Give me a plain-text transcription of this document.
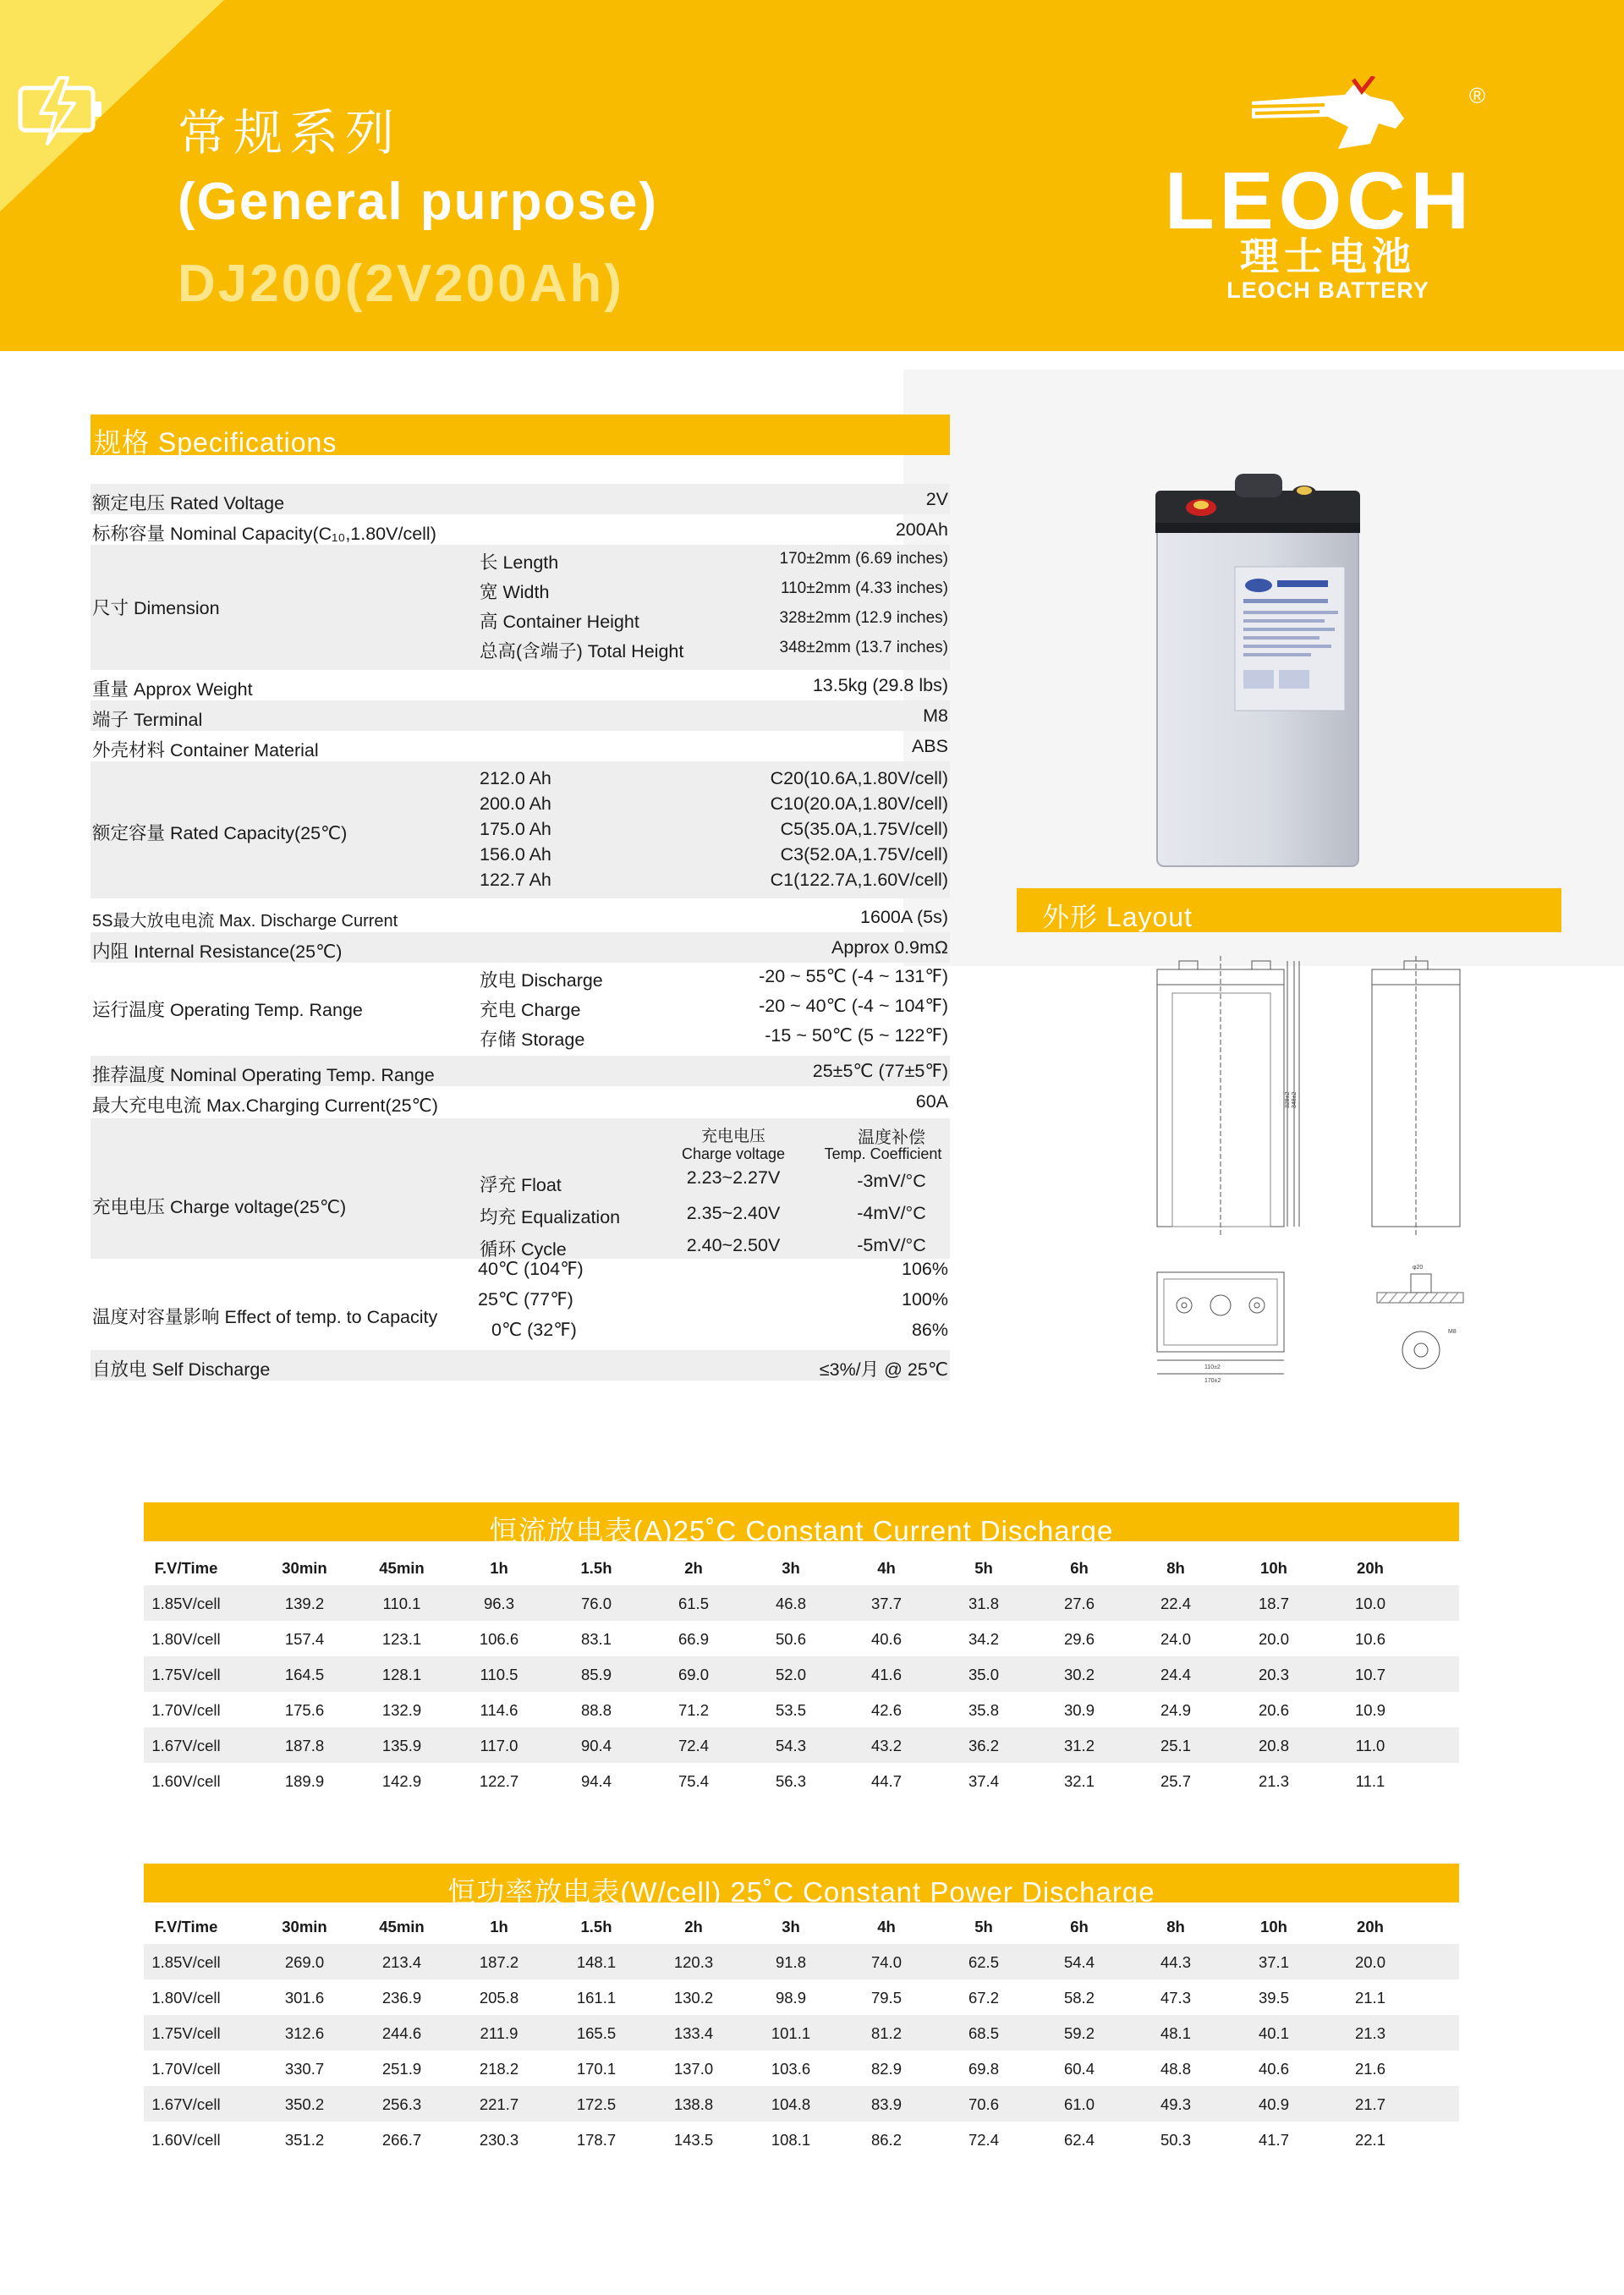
常规系列
(General purpose)
DJ200(2V200Ah)
®
LEOCH
理士电池
LEOCH BATTERY
规格 Specifications
额定电压 Rated Voltage	2V
标称容量 Nominal Capacity(C₁₀,1.80V/cell)	200Ah
尺寸 Dimension
长 Length	170±2mm (6.69 inches)
宽 Width	110±2mm (4.33 inches)
高 Container Height	328±2mm (12.9 inches)
总高(含端子) Total Height	348±2mm (13.7 inches)
重量 Approx Weight	13.5kg (29.8 lbs)
端子 Terminal	M8
外壳材料 Container Material	ABS
额定容量 Rated Capacity(25℃)
212.0 Ah	C20(10.6A,1.80V/cell)
200.0 Ah	C10(20.0A,1.80V/cell)
175.0 Ah	C5(35.0A,1.75V/cell)
156.0 Ah	C3(52.0A,1.75V/cell)
122.7 Ah	C1(122.7A,1.60V/cell)
5S最大放电电流 Max. Discharge Current	1600A (5s)
内阻 Internal Resistance(25℃)	Approx 0.9mΩ
运行温度 Operating Temp. Range
放电 Discharge	-20 ~ 55℃ (-4 ~ 131℉)
充电 Charge	-20 ~ 40℃ (-4 ~ 104℉)
存储 Storage	-15 ~ 50℃ (5 ~ 122℉)
推荐温度 Nominal Operating Temp. Range	25±5℃ (77±5℉)
最大充电电流 Max.Charging Current(25℃)	60A
充电电压 Charge voltage(25℃)
充电电压
Charge voltage
温度补偿
Temp. Coefficient
浮充 Float	2.23~2.27V	-3mV/°C
均充 Equalization	2.35~2.40V	-4mV/°C
循环 Cycle	2.40~2.50V	-5mV/°C
温度对容量影响 Effect of temp. to Capacity
40℃ (104℉)	106%
25℃ (77℉)	100%
0℃ (32℉)	86%
自放电 Self Discharge	≤3%/月 @ 25℃
外形 Layout
328±2 348±2
110±2
170±2
φ20
M8
恒流放电表(A)25˚C Constant Current Discharge
F.V/Time	30min	45min	1h	1.5h	2h	3h	4h	5h	6h	8h	10h	20h
1.85V/cell	139.2	110.1	96.3	76.0	61.5	46.8	37.7	31.8	27.6	22.4	18.7	10.0
1.80V/cell	157.4	123.1	106.6	83.1	66.9	50.6	40.6	34.2	29.6	24.0	20.0	10.6
1.75V/cell	164.5	128.1	110.5	85.9	69.0	52.0	41.6	35.0	30.2	24.4	20.3	10.7
1.70V/cell	175.6	132.9	114.6	88.8	71.2	53.5	42.6	35.8	30.9	24.9	20.6	10.9
1.67V/cell	187.8	135.9	117.0	90.4	72.4	54.3	43.2	36.2	31.2	25.1	20.8	11.0
1.60V/cell	189.9	142.9	122.7	94.4	75.4	56.3	44.7	37.4	32.1	25.7	21.3	11.1
恒功率放电表(W/cell) 25˚C Constant Power Discharge
F.V/Time	30min	45min	1h	1.5h	2h	3h	4h	5h	6h	8h	10h	20h
1.85V/cell	269.0	213.4	187.2	148.1	120.3	91.8	74.0	62.5	54.4	44.3	37.1	20.0
1.80V/cell	301.6	236.9	205.8	161.1	130.2	98.9	79.5	67.2	58.2	47.3	39.5	21.1
1.75V/cell	312.6	244.6	211.9	165.5	133.4	101.1	81.2	68.5	59.2	48.1	40.1	21.3
1.70V/cell	330.7	251.9	218.2	170.1	137.0	103.6	82.9	69.8	60.4	48.8	40.6	21.6
1.67V/cell	350.2	256.3	221.7	172.5	138.8	104.8	83.9	70.6	61.0	49.3	40.9	21.7
1.60V/cell	351.2	266.7	230.3	178.7	143.5	108.1	86.2	72.4	62.4	50.3	41.7	22.1
